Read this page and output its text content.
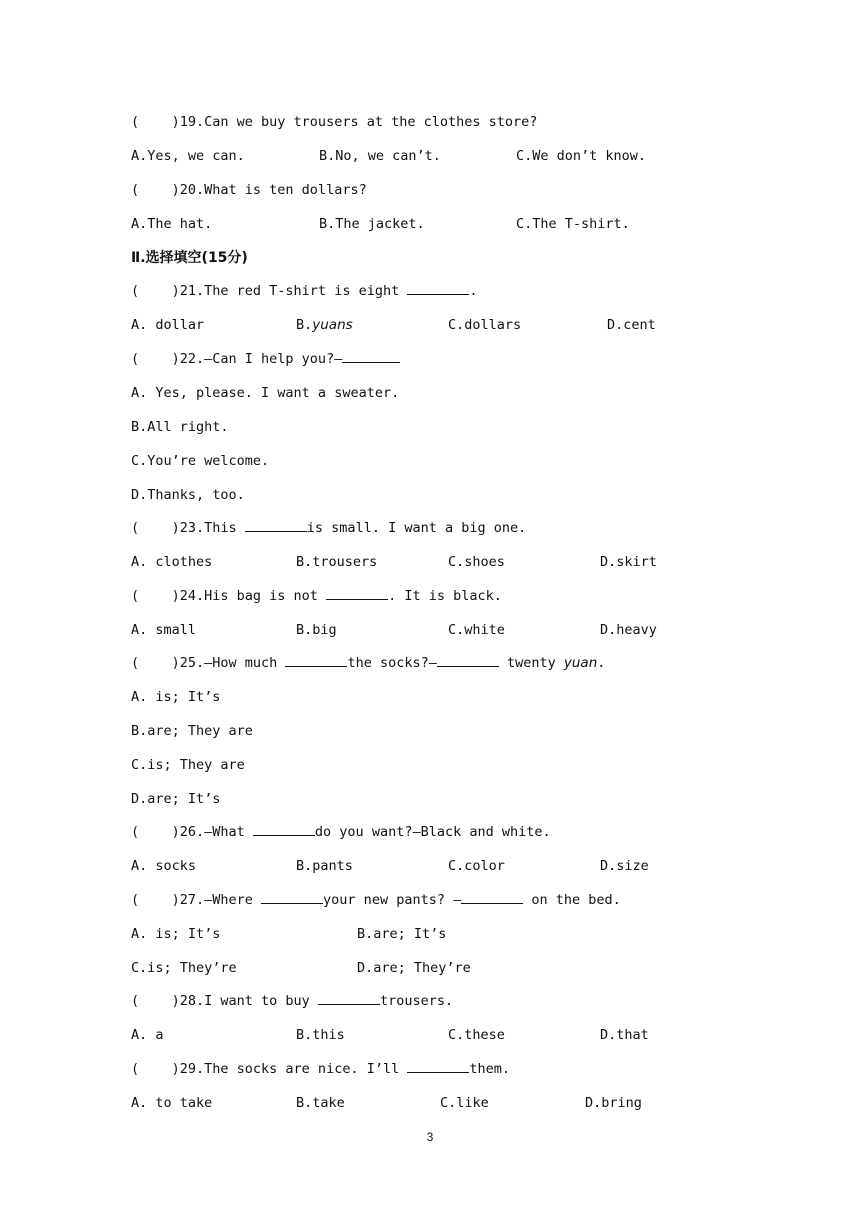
(    )19.Can we buy trousers at the clothes store?
A.Yes, we can.	B.No, we can’t.	C.We don’t know.
(    )20.What is ten dollars?
A.The hat.	B.The jacket.	C.The T-shirt.
Ⅱ.选择填空(15分)
(    )21.The red T-shirt is eight	.
A. dollar	B.yuans	C.dollars	D.cent
(    )22.—Can I help you?—
A. Yes, please. I want a sweater.
B.All right.
C.You’re welcome.
D.Thanks, too.
(    )23.This	is small. I want a big one.
A. clothes	B.trousers	C.shoes	D.skirt
(    )24.His bag is not	. It is black.
A. small	B.big	C.white	D.heavy
(    )25.—How much	the socks?—	twenty yuan.
A. is; It’s
B.are; They are
C.is; They are
D.are; It’s
(    )26.—What	do you want?—Black and white.
A. socks	B.pants	C.color	D.size
(    )27.—Where	your new pants? —	on the bed.
A. is; It’s	B.are; It’s
C.is; They’re	D.are; They’re
(    )28.I want to buy	trousers.
A. a	B.this	C.these	D.that
(    )29.The socks are nice. I’ll	them.
A. to take	B.take	C.like	D.bring
3
